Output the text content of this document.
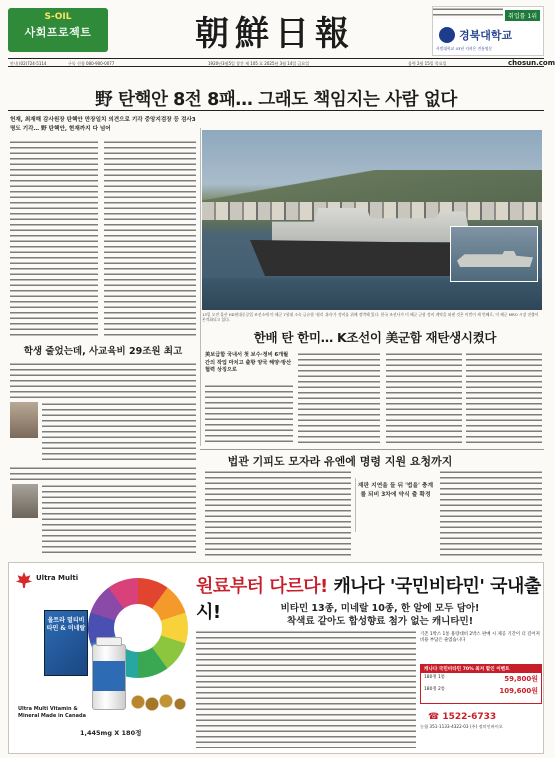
S-OIL
사회프로젝트	朝鮮日報	취업률 1위
경북대학교
사범대학교 43년 지켜온 전통명문
안내 (02)724-5114	구독 신청 080-900-0077	1920년3월5일 창간 제 105 호 2025년 3월 14일 금요일	음력 2월 15일 목요일	chosun.com
野 탄핵안 8전 8패… 그래도 책임지는 사람 없다
헌재, 최재해 감사원장 탄핵안 만장일치 의견으로 기각 중앙지검장 등 검사3명도 기각… 野 탄핵안, 현재까지 다 넘어
13일 오전 울산 HD현대중공업 조선소에 미 해군 7함대 소속 급유함 '월리 쉬라'가 정비를 위해 정박해 있다. 한국 조선사가 미 해군 군함 정비 계약을 따낸 것은 이번이 세 번째로, 미 해군 MRO 시장 진출이 본격화되고 있다.
한배 탄 한미… K조선이 美군함 재탄생시켰다
美보급함 국내서 첫 보수·정비 6개월간의 작업 마치고 출항 양국 해양·방산 협력 상징으로
학생 줄었는데, 사교육비 29조원 최고
법관 기피도 모자라 유엔에 명령 지원 요청까지
재판 지연을 들 뒤 '법을' 충계를 되비 3차에 약식 출 확정
Ultra Multi
울트라 멀티비타민 & 미네랄
Ultra Multi Vitamin & Mineral Made in Canada
1,445mg X 180정
원료부터 다르다! 캐나다 '국민비타민' 국내출시!	비타민 13종, 미네랄 10종, 한 알에 모두 담아!
착색료 같아도 합성향료 첨가 없는 캐니타민!
기존 1박스 1통 용량대비 2박스 판매 시 제공 기간이 더 길어져 비용 부담은 줄였습니다
캐나다 국민비타민 70% 최저 할인 이벤트
180정 1통	59,800원
180정 2통	109,600원
☎ 1522-6733
농협 351-1133-4322-03 (주) 정미인바이오
